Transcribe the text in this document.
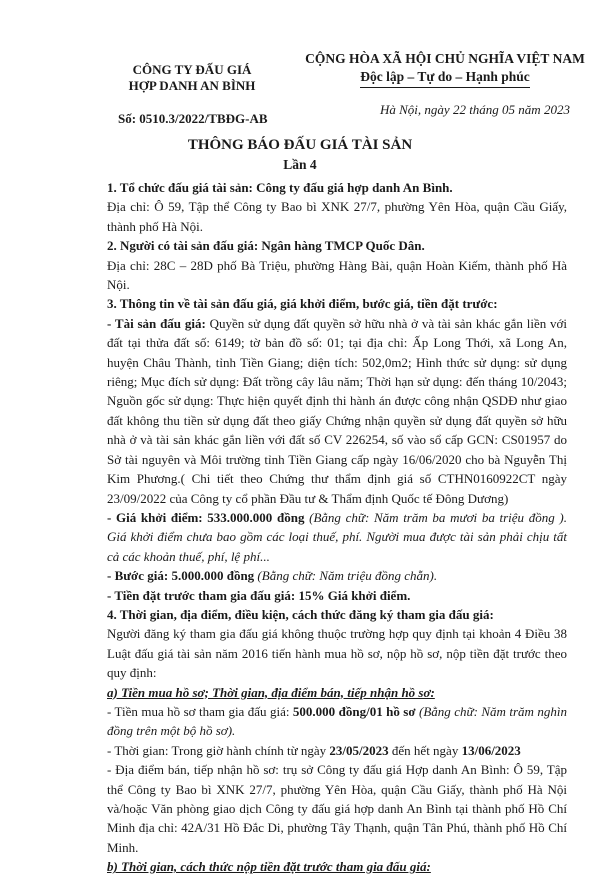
CÔNG TY ĐẤU GIÁ
HỢP DANH AN BÌNH
CỘNG HÒA XÃ HỘI CHỦ NGHĨA VIỆT NAM
Độc lập – Tự do – Hạnh phúc
Số: 0510.3/2022/TBĐG-AB
Hà Nội, ngày 22 tháng 05 năm 2023
THÔNG BÁO ĐẤU GIÁ TÀI SẢN
Lần 4

1. Tổ chức đấu giá tài sản: Công ty đấu giá hợp danh An Bình.

Địa chỉ: Ô 59, Tập thể Công ty Bao bì XNK 27/7, phường Yên Hòa, quận Cầu Giấy, thành phố Hà Nội.

2. Người có tài sản đấu giá: Ngân hàng TMCP Quốc Dân.

Địa chỉ: 28C – 28D phố Bà Triệu, phường Hàng Bài, quận Hoàn Kiếm, thành phố Hà Nội.

3. Thông tin về tài sản đấu giá, giá khởi điểm, bước giá, tiền đặt trước:

- Tài sản đấu giá: Quyền sử dụng đất quyền sở hữu nhà ở và tài sản khác gắn liền với đất tại thửa đất số: 6149; tờ bản đồ số: 01; tại địa chỉ: Ấp Long Thới, xã Long An, huyện Châu Thành, tỉnh Tiền Giang; diện tích: 502,0m2; Hình thức sử dụng: sử dụng riêng; Mục đích sử dụng: Đất trồng cây lâu năm; Thời hạn sử dụng: đến tháng 10/2043; Nguồn gốc sử dụng: Thực hiện quyết định thi hành án được công nhận QSDĐ như giao đất không thu tiền sử dụng đất theo giấy Chứng nhận quyền sử dụng đất quyền sở hữu nhà ở và tài sản khác gắn liền với đất số CV 226254, số vào sổ cấp GCN: CS01957 do Sở tài nguyên và Môi trường tỉnh Tiền Giang cấp ngày 16/06/2020 cho bà Nguyễn Thị Kim Phương.( Chi tiết theo Chứng thư thẩm định giá số CTHN0160922CT ngày 23/09/2022 của Công ty cổ phần Đầu tư & Thẩm định Quốc tế Đông Dương)

- Giá khởi điểm: 533.000.000 đồng (Bằng chữ: Năm trăm ba mươi ba triệu đồng ). Giá khởi điểm chưa bao gồm các loại thuế, phí. Người mua được tài sản phải chịu tất cả các khoản thuế, phí, lệ phí...

- Bước giá: 5.000.000 đồng (Bằng chữ: Năm triệu đồng chẵn).

- Tiền đặt trước tham gia đấu giá: 15% Giá khởi điểm.

4. Thời gian, địa điểm, điều kiện, cách thức đăng ký tham gia đấu giá:

Người đăng ký tham gia đấu giá không thuộc trường hợp quy định tại khoản 4 Điều 38 Luật đấu giá tài sản năm 2016 tiến hành mua hồ sơ, nộp hồ sơ, nộp tiền đặt trước theo quy định:

a) Tiền mua hồ sơ; Thời gian, địa điểm bán, tiếp nhận hồ sơ:

- Tiền mua hồ sơ tham gia đấu giá: 500.000 đồng/01 hồ sơ (Bằng chữ: Năm trăm nghìn đồng trên một bộ hồ sơ).

- Thời gian: Trong giờ hành chính từ ngày 23/05/2023 đến hết ngày 13/06/2023

- Địa điểm bán, tiếp nhận hồ sơ: trụ sở Công ty đấu giá Hợp danh An Bình: Ô 59, Tập thể Công ty Bao bì XNK 27/7, phường Yên Hòa, quận Cầu Giấy, thành phố Hà Nội và/hoặc Văn phòng giao dịch Công ty đấu giá hợp danh An Bình tại thành phố Hồ Chí Minh địa chỉ: 42A/31 Hồ Đắc Di, phường Tây Thạnh, quận Tân Phú, thành phố Hồ Chí Minh.

b) Thời gian, cách thức nộp tiền đặt trước tham gia đấu giá:
